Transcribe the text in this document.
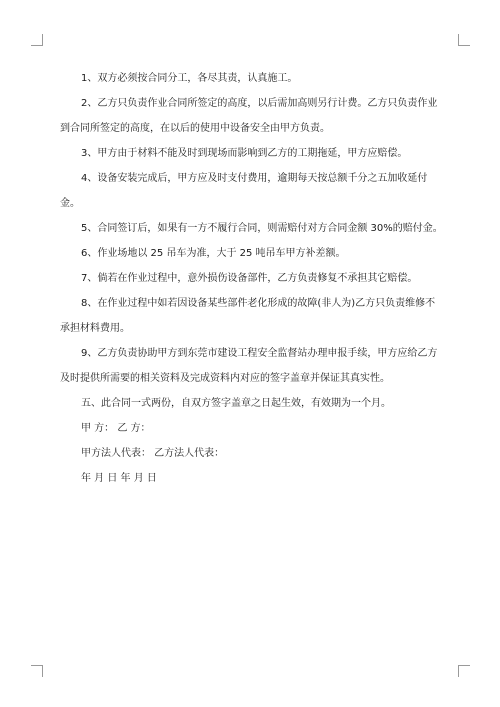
1、双方必须按合同分工，各尽其责，认真施工。

2、乙方只负责作业合同所签定的高度，以后需加高则另行计费。乙方只负责作业到合同所签定的高度，在以后的使用中设备安全由甲方负责。

3、甲方由于材料不能及时到现场而影响到乙方的工期拖延，甲方应赔偿。

4、设备安装完成后，甲方应及时支付费用，逾期每天按总额千分之五加收延付金。

5、合同签订后，如果有一方不履行合同，则需赔付对方合同金额 30%的赔付金。

6、作业场地以 25 吊车为准，大于 25 吨吊车甲方补差额。

7、倘若在作业过程中，意外损伤设备部件，乙方负责修复不承担其它赔偿。

8、在作业过程中如若因设备某些部件老化形成的故障(非人为)乙方只负责维修不承担材料费用。

9、乙方负责协助甲方到东莞市建设工程安全监督站办理申报手续，甲方应给乙方及时提供所需要的相关资料及完成资料内对应的签字盖章并保证其真实性。

五、此合同一式两份，自双方签字盖章之日起生效，有效期为一个月。

甲 方： 乙 方：

甲方法人代表： 乙方法人代表：

年 月 日 年 月 日
